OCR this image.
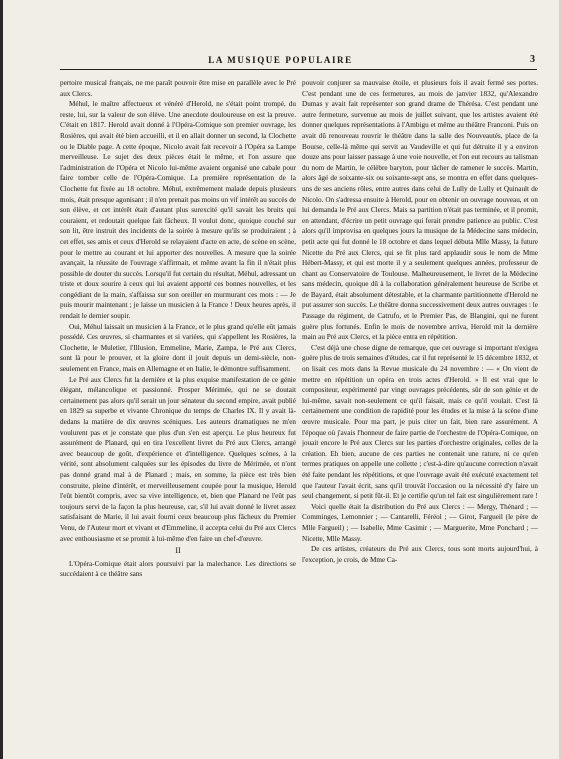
LA MUSIQUE POPULAIRE	3

pertoire musical français, ne me paraît pouvoir être mise en parallèle avec le Pré aux Clercs.

Méhul, le maître affectueux et vénéré d'Herold, ne s'était point trompé, du reste, lui, sur la valeur de son élève. Une anecdote douloureuse en est la preuve. C'était en 1817. Herold avait donné à l'Opéra-Comique son premier ouvrage, les Rosières, qui avait été bien accueilli, et il en allait donner un second, la Clochette ou le Diable page. A cette époque, Nicolo avait fait recevoir à l'Opéra sa Lampe merveilleuse. Le sujet des deux pièces était le même, et l'on assure que l'administration de l'Opéra et Nicolo lui-même avaient organisé une cabale pour faire tomber celle de l'Opéra-Comique. La première représentation de la Clochette fut fixée au 18 octobre. Méhul, extrêmement malade depuis plusieurs mois, était presque agonisant ; il n'en prenait pas moins un vif intérêt au succès de son élève, et cet intérêt était d'autant plus surexcité qu'il savait les bruits qui couraient, et redoutait quelque fait fâcheux. Il voulut donc, quoique couché sur son lit, être instruit des incidents de la soirée à mesure qu'ils se produiraient ; à cet effet, ses amis et ceux d'Herold se relayaient d'acte en acte, de scène en scène, pour le mettre au courant et lui apporter des nouvelles. A mesure que la soirée avançait, la réussite de l'ouvrage s'affirmait, et même avant la fin il n'était plus possible de douter du succès. Lorsqu'il fut certain du résultat, Méhul, adressant un triste et doux sourire à ceux qui lui avaient apporté ces bonnes nouvelles, et les congédiant de la main, s'affaissa sur son oreiller en murmurant ces mots : — Je puis mourir maintenant ; je laisse un musicien à la France ! Deux heures après, il rendait le dernier soupir.

Oui, Méhul laissait un musicien à la France, et le plus grand qu'elle eût jamais possédé. Ces œuvres, si charmantes et si variées, qui s'appellent les Rosières, la Clochette, le Muletier, l'Illusion, Emmeline, Marie, Zampa, le Pré aux Clercs, sont là pour le prouver, et la gloire dont il jouit depuis un demi-siècle, non-seulement en France, mais en Allemagne et en Italie, le démontre suffisamment.

Le Pré aux Clercs fut la dernière et la plus exquise manifestation de ce génie élégant, mélancolique et passionné. Prosper Mérimée, qui ne se doutait certainement pas alors qu'il serait un jour sénateur du second empire, avait publié en 1829 sa superbe et vivante Chronique du temps de Charles IX. Il y avait là-dedans la matière de dix œuvres scéniques. Les auteurs dramatiques ne m'en voulurent pas et je constate que plus d'un s'en est aperçu. Le plus heureux fut assurément de Planard, qui en tira l'excellent livret du Pré aux Clercs, arrangé avec beaucoup de goût, d'expérience et d'intelligence. Quelques scènes, à la vérité, sont absolument calquées sur les épisodes du livre de Mérimée, et n'ont pas donné grand mal à de Planard ; mais, en somme, la pièce est très bien construite, pleine d'intérêt, et merveilleusement coupée pour la musique, Herold l'eût bientôt compris, avec sa vive intelligence, et, bien que Planard ne l'eût pas toujours servi de la façon la plus heureuse, car, s'il lui avait donné le livret assez satisfaisant de Marie, il lui avait fourni ceux beaucoup plus fâcheux du Premier Venu, de l'Auteur mort et vivant et d'Emmeline, il accepta celui du Pré aux Clercs avec enthousiasme et se promit à lui-même d'en faire un chef-d'œuvre.

II

L'Opéra-Comique était alors poursuivi par la malechance. Les directions se succédaient à ce théâtre sans

pouvoir conjurer sa mauvaise étoile, et plusieurs fois il avait fermé ses portes. C'est pendant une de ces fermetures, au mois de janvier 1832, qu'Alexandre Dumas y avait fait représenter son grand drame de Thérésa. C'est pendant une autre fermeture, survenue au mois de juillet suivant, que les artistes avaient été donner quelques représentations à l'Ambigu et même au théâtre Franconi. Puis on avait dû renouveau rouvrir le théâtre dans la salle des Nouveautés, place de la Bourse, celle-là même qui servit au Vaudeville et qui fut détruite il y a environ douze ans pour laisser passage à une voie nouvelle, et l'on eut recours au talisman du nom de Martin, le célèbre baryton, pour tâcher de ramener le succès. Martin, alors âgé de soixante-six ou soixante-sept ans, se montra en effet dans quelques-uns de ses anciens rôles, entre autres dans celui de Lully de Lully et Quinault de Nicolo. On s'adressa ensuite à Herold, pour en obtenir un ouvrage nouveau, et on lui demanda le Pré aux Clercs. Mais sa partition n'était pas terminée, et il promit, en attendant, d'écrire un petit ouvrage qui ferait prendre patience au public. C'est alors qu'il improvisa en quelques jours la musique de la Médecine sans médecin, petit acte qui fut donné le 18 octobre et dans lequel débuta Mlle Massy, la future Nicette du Pré aux Clercs, qui se fit plus tard applaudir sous le nom de Mme Hébert-Massy, et qui est morte il y a seulement quelques années, professeur de chant au Conservatoire de Toulouse. Malheureusement, le livret de la Médecine sans médecin, quoique dû à la collaboration généralement heureuse de Scribe et de Bayard, était absolument détestable, et la charmante partitionnette d'Herold ne put assurer son succès. Le théâtre donna successivement deux autres ouvrages : le Passage du régiment, de Catrufo, et le Premier Pas, de Blangini, qui ne furent guère plus fortunés. Enfin le mois de novembre arriva, Herold mit la dernière main au Pré aux Clercs, et la pièce entra en répétition.

C'est déjà une chose digne de remarque, que cet ouvrage si important n'exigea guère plus de trois semaines d'études, car il fut représenté le 15 décembre 1832, et on lisait ces mots dans la Revue musicale du 24 novembre : — « On vient de mettre en répétition un opéra en trois actes d'Herold. » Il est vrai que le compositeur, expérimenté par vingt ouvrages précédents, sûr de son génie et de lui-même, savait non-seulement ce qu'il faisait, mais ce qu'il voulait. C'est là certainement une condition de rapidité pour les études et la mise à la scène d'une œuvre musicale. Pour ma part, je puis citer un fait, bien rare assurément. A l'époque où j'avais l'honneur de faire partie de l'orchestre de l'Opéra-Comique, on jouait encore le Pré aux Clercs sur les parties d'orchestre originales, celles de la création. Eh bien, aucune de ces parties ne contenait une rature, ni ce qu'en termes pratiques on appelle une collette ; c'est-à-dire qu'aucune correction n'avait été faite pendant les répétitions, et que l'ouvrage avait été exécuté exactement tel que l'auteur l'avait écrit, sans qu'il trouvât l'occasion ou la nécessité d'y faire un seul changement, si petit fût-il. Et je certifie qu'un tel fait est singulièrement rare !

Voici quelle était la distribution du Pré aux Clercs : — Mergy, Thénard ; — Comminges, Lemonnier ; — Cantarelli, Féréol ; — Girot, Fargueil (le père de Mlle Fargueil) ; — Isabelle, Mme Casimir ; — Marguerite, Mme Ponchard ; — Nicette, Mlle Massy.

De ces artistes, créateurs du Pré aux Clercs, tous sont morts aujourd'hui, à l'exception, je crois, de Mme Ca-
